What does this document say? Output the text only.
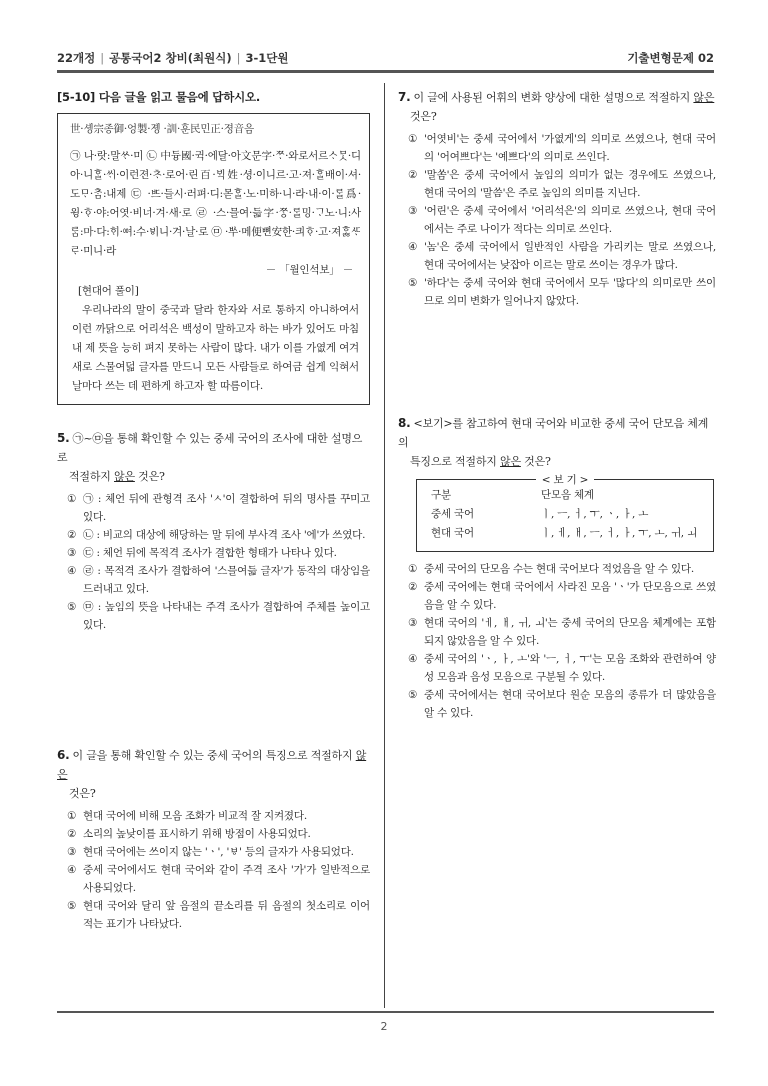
22개정 | 공통국어2 창비(최원식) | 3-1단원	기출변형문제 02
[5-10] 다음 글을 읽고 물음에 답하시오.
世·솅宗종御·엉製·졩 ·訓·훈民민正·졍音음
㉠ 나·랏:말ᄊᆞ·미 ㉡ 中듕國·귁·에달·아文문字·ᄍᆞ·와로서르ᄉᆞᄆᆞᆺ·디아·니ᄒᆞᆯ·ᄊᆡ·이런젼·ᄎᆞ·로어·린百·ᄇᆡᆨ姓·셩·이니르·고·져·ᄒᆞᆯ배이·셔·도ᄆᆞ·ᄎᆞᆷ:내제 ㉢ ·ᄠᅳ·들시·러펴·디:몯ᄒᆞᆯ·노·미하·니·라·내·이·ᄅᆞᆯ爲·윙·ᄒᆞ·야:어엿·비너·겨·새·로 ㉣ ·스·믈여·듧字·ᄍᆞᆼ·ᄅᆞᆯ밍·ᄀᆞ노·니:사ᄅᆞᆷ:마·다:ᄒᆡ·ᅇᅧ:수·ᄫᅵ니·겨·날·로 ㉤ ·ᄡᅮ·메便뼌安한·킈ᄒᆞ·고·져ᄒᆞᇙᄯᆞᄅᆞ·미니·라
－ 「월인석보」 －
[현대어 풀이]
우리나라의 말이 중국과 달라 한자와 서로 통하지 아니하여서 이런 까닭으로 어리석은 백성이 말하고자 하는 바가 있어도 마침내 제 뜻을 능히 펴지 못하는 사람이 많다. 내가 이를 가엾게 여겨 새로 스물여덟 글자를 만드니 모든 사람들로 하여금 쉽게 익혀서 날마다 쓰는 데 편하게 하고자 할 따름이다.
5. ㉠~㉤을 통해 확인할 수 있는 중세 국어의 조사에 대한 설명으로
적절하지 않은 것은?
① ㉠ : 체언 뒤에 관형격 조사 'ㅅ'이 결합하여 뒤의 명사를 꾸미고 있다.
② ㉡ : 비교의 대상에 해당하는 말 뒤에 부사격 조사 '에'가 쓰였다.
③ ㉢ : 체언 뒤에 목적격 조사가 결합한 형태가 나타나 있다.
④ ㉣ : 목적격 조사가 결합하여 '스믈여듧 글자'가 동작의 대상임을 드러내고 있다.
⑤ ㉤ : 높임의 뜻을 나타내는 주격 조사가 결합하여 주체를 높이고 있다.
6. 이 글을 통해 확인할 수 있는 중세 국어의 특징으로 적절하지 않은
것은?
① 현대 국어에 비해 모음 조화가 비교적 잘 지켜졌다.
② 소리의 높낮이를 표시하기 위해 방점이 사용되었다.
③ 현대 국어에는 쓰이지 않는 'ㆍ', 'ㅸ' 등의 글자가 사용되었다.
④ 중세 국어에서도 현대 국어와 같이 주격 조사 '가'가 일반적으로 사용되었다.
⑤ 현대 국어와 달리 앞 음절의 끝소리를 뒤 음절의 첫소리로 이어 적는 표기가 나타났다.
7. 이 글에 사용된 어휘의 변화 양상에 대한 설명으로 적절하지 않은
것은?
① '어엿비'는 중세 국어에서 '가엾게'의 의미로 쓰였으나, 현대 국어의 '어여쁘다'는 '예쁘다'의 의미로 쓰인다.
② '말쏨'은 중세 국어에서 높임의 의미가 없는 경우에도 쓰였으나, 현대 국어의 '말씀'은 주로 높임의 의미를 지닌다.
③ '어린'은 중세 국어에서 '어리석은'의 의미로 쓰였으나, 현대 국어에서는 주로 나이가 적다는 의미로 쓰인다.
④ '놈'은 중세 국어에서 일반적인 사람을 가리키는 말로 쓰였으나, 현대 국어에서는 낮잡아 이르는 말로 쓰이는 경우가 많다.
⑤ '하다'는 중세 국어와 현대 국어에서 모두 '많다'의 의미로만 쓰이므로 의미 변화가 일어나지 않았다.
8. <보기>를 참고하여 현대 국어와 비교한 중세 국어 단모음 체계의
특징으로 적절하지 않은 것은?
< 보 기 >
구분	단모음 체계
중세 국어	ㅣ, ㅡ, ㅓ, ㅜ, ㆍ, ㅏ, ㅗ
현대 국어	ㅣ, ㅔ, ㅐ, ㅡ, ㅓ, ㅏ, ㅜ, ㅗ, ㅟ, ㅚ
① 중세 국어의 단모음 수는 현대 국어보다 적었음을 알 수 있다.
② 중세 국어에는 현대 국어에서 사라진 모음 'ㆍ'가 단모음으로 쓰였음을 알 수 있다.
③ 현대 국어의 'ㅔ, ㅐ, ㅟ, ㅚ'는 중세 국어의 단모음 체계에는 포함되지 않았음을 알 수 있다.
④ 중세 국어의 'ㆍ, ㅏ, ㅗ'와 'ㅡ, ㅓ, ㅜ'는 모음 조화와 관련하여 양성 모음과 음성 모음으로 구분될 수 있다.
⑤ 중세 국어에서는 현대 국어보다 원순 모음의 종류가 더 많았음을 알 수 있다.
2
